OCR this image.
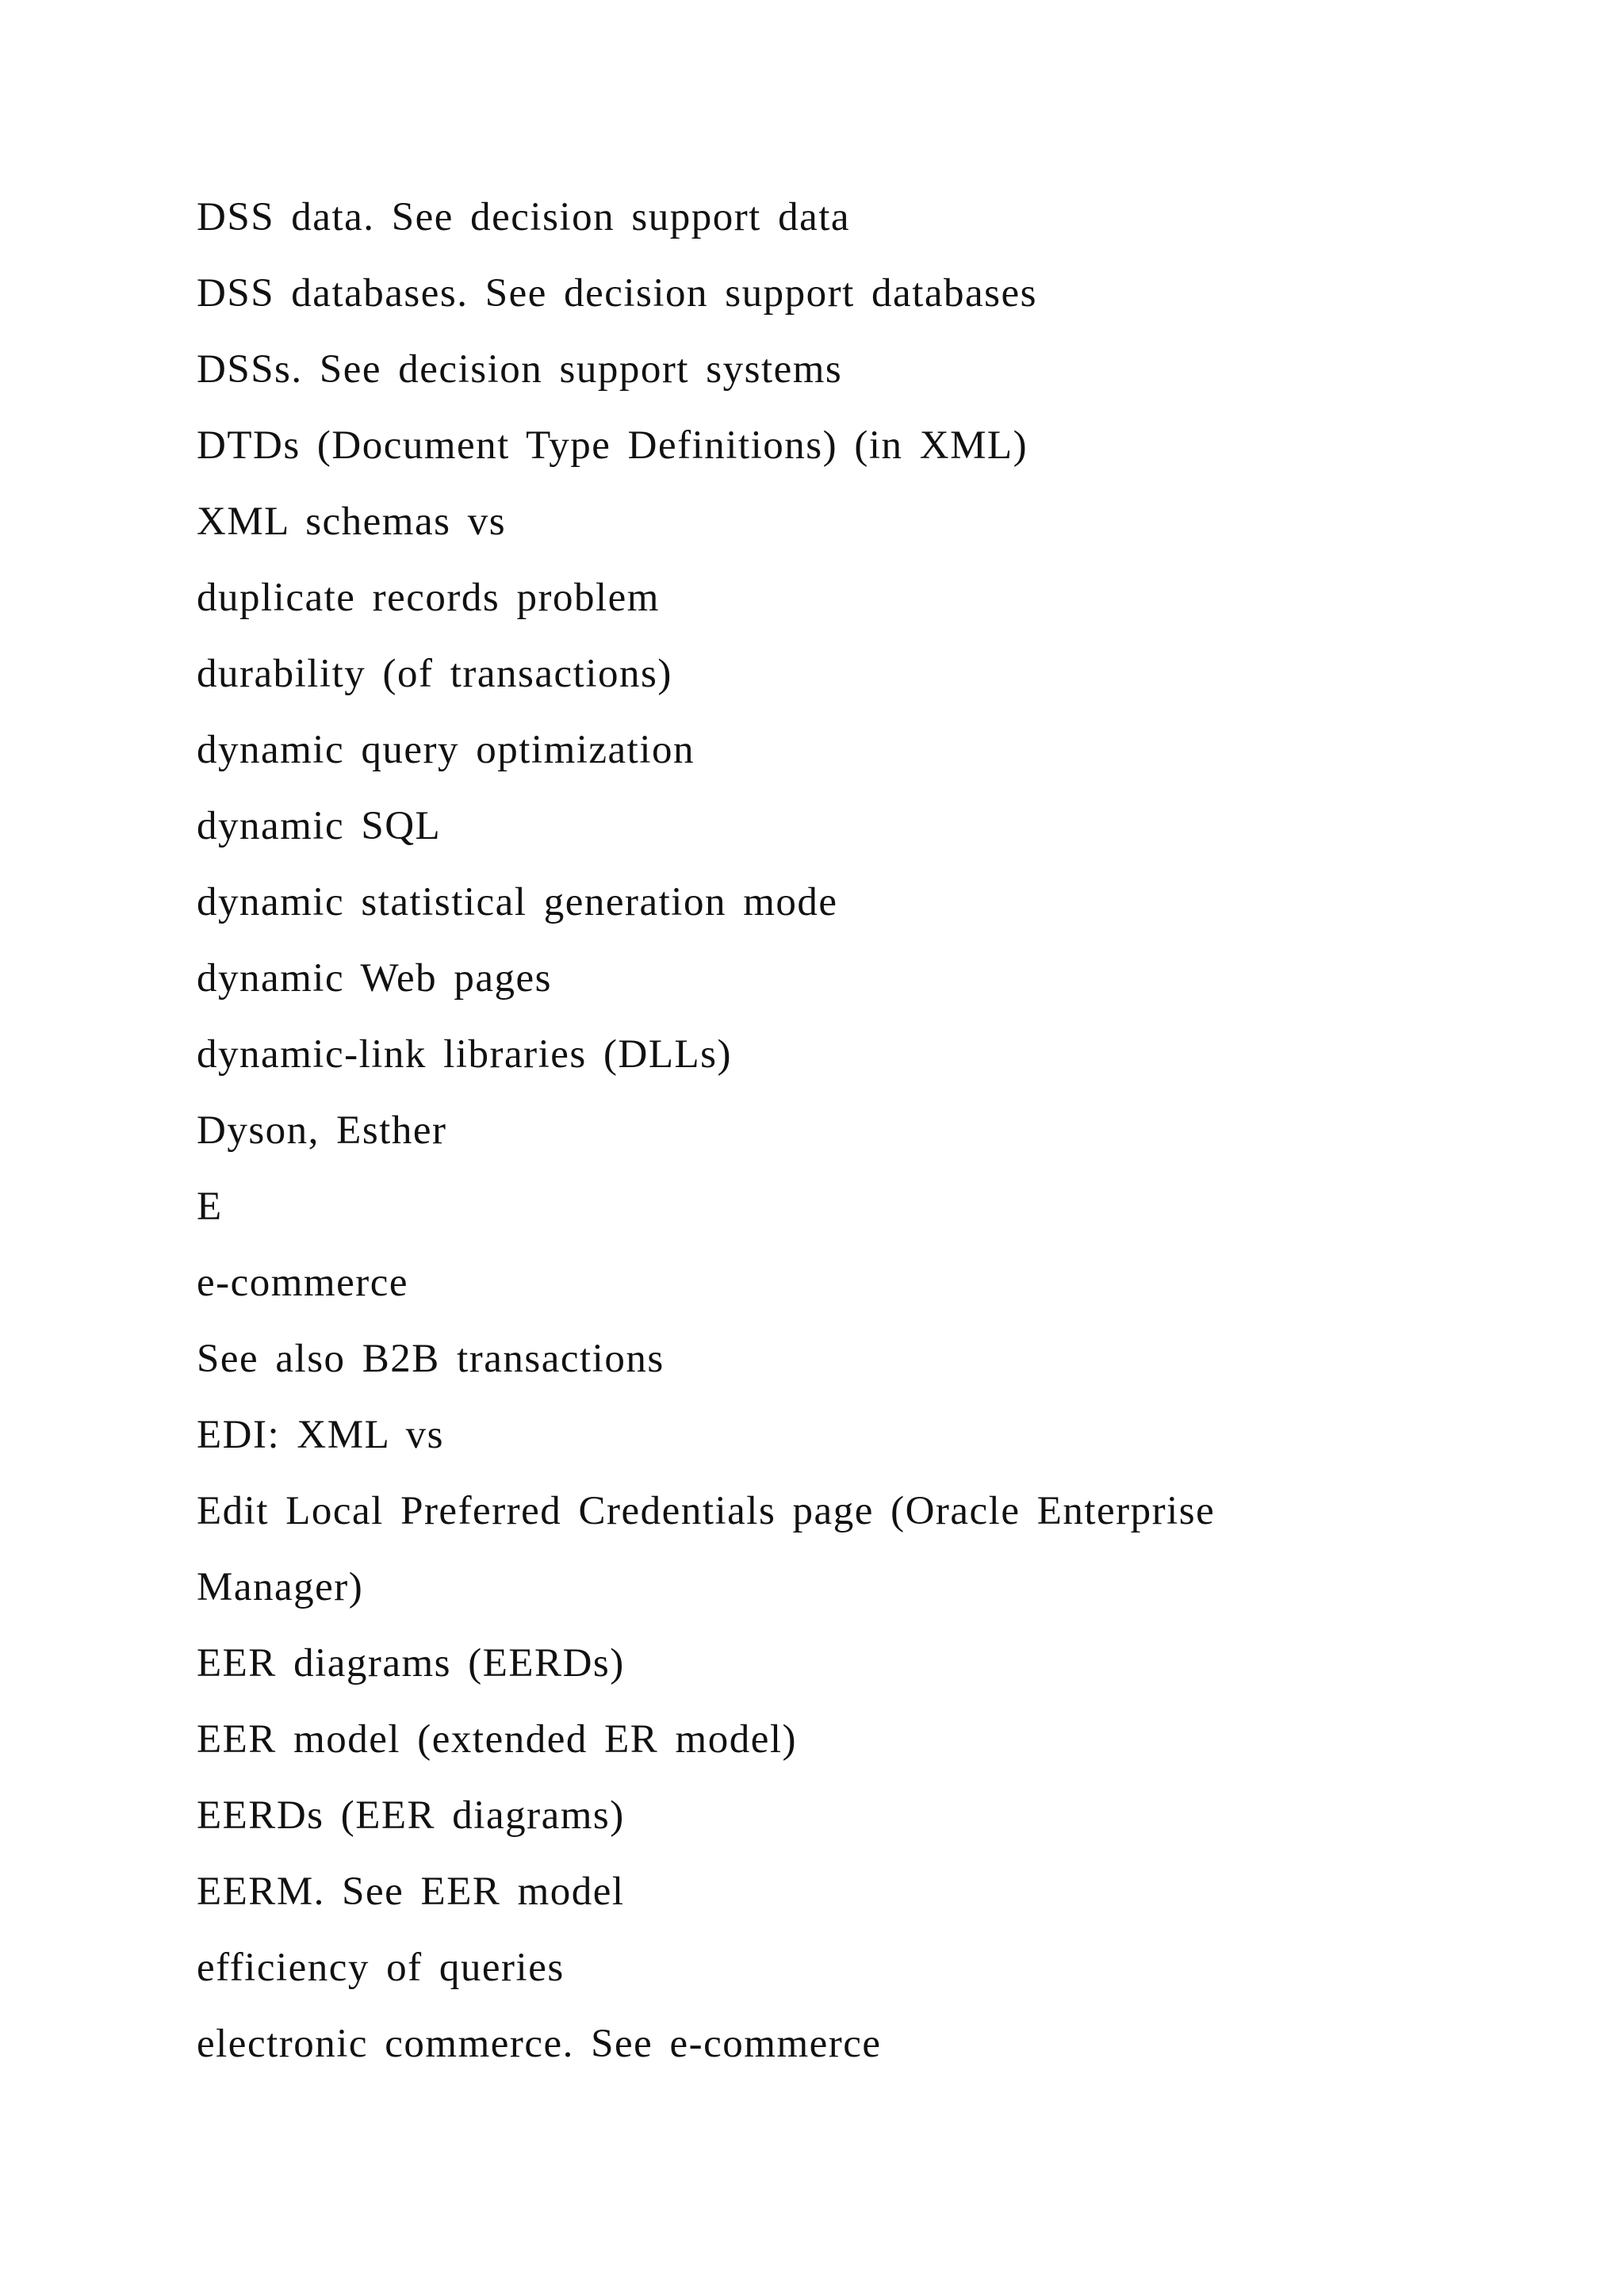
DSS data. See decision support data
DSS databases. See decision support databases
DSSs. See decision support systems
DTDs (Document Type Definitions) (in XML)
XML schemas vs
duplicate records problem
durability (of transactions)
dynamic query optimization
dynamic SQL
dynamic statistical generation mode
dynamic Web pages
dynamic-link libraries (DLLs)
Dyson, Esther
E
e-commerce
See also B2B transactions
EDI: XML vs
Edit Local Preferred Credentials page (Oracle Enterprise
Manager)
EER diagrams (EERDs)
EER model (extended ER model)
EERDs (EER diagrams)
EERM. See EER model
efficiency of queries
electronic commerce. See e-commerce
